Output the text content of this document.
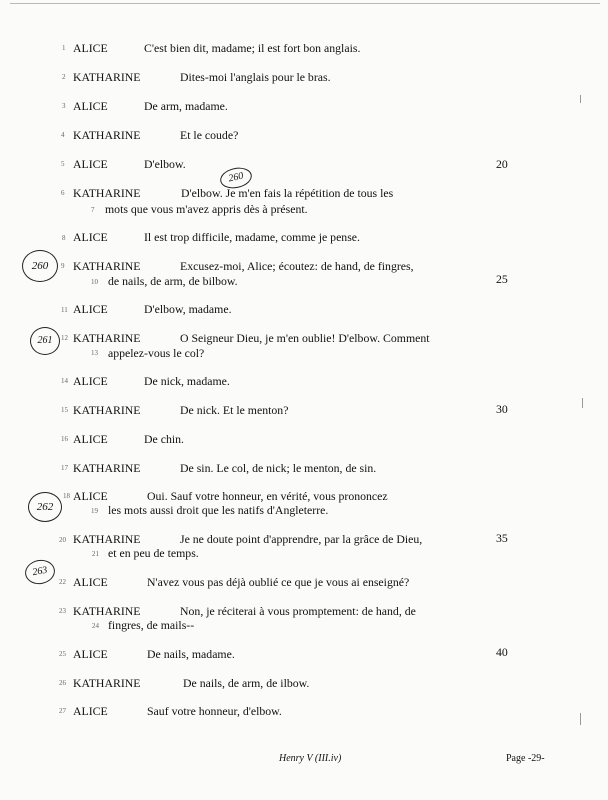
1 ALICE	C'est bien dit, madame; il est fort bon anglais.
2 KATHARINE	Dites-moi l'anglais pour le bras.
3 ALICE	De arm, madame.
4 KATHARINE	Et le coude?
5 ALICE	D'elbow.	20
6 KATHARINE	D'elbow. Je m'en fais la répétition de tous les
260
7 mots que vous m'avez appris dès à présent.
8 ALICE	Il est trop difficile, madame, comme je pense.
260	9 KATHARINE	Excusez-moi, Alice; écoutez: de hand, de fingres,
10 de nails, de arm, de bilbow.	25
11 ALICE	D'elbow, madame.
261	12 KATHARINE	O Seigneur Dieu, je m'en oublie! D'elbow. Comment
13 appelez-vous le col?
14 ALICE	De nick, madame.
15 KATHARINE	De nick. Et le menton?	30
16 ALICE	De chin.
17 KATHARINE	De sin. Le col, de nick; le menton, de sin.
262
18 ALICE	Oui. Sauf votre honneur, en vérité, vous prononcez
19 les mots aussi droit que les natifs d'Angleterre.
20 KATHARINE	Je ne doute point d'apprendre, par la grâce de Dieu,	35
21 et en peu de temps.
263
22 ALICE	N'avez vous pas déjà oublié ce que je vous ai enseigné?
23 KATHARINE	Non, je réciterai à vous promptement: de hand, de
24 fingres, de mails--
25 ALICE	De nails, madame.	40
26 KATHARINE	De nails, de arm, de ilbow.
27 ALICE	Sauf votre honneur, d'elbow.
Henry V (III.iv)	Page -29-
